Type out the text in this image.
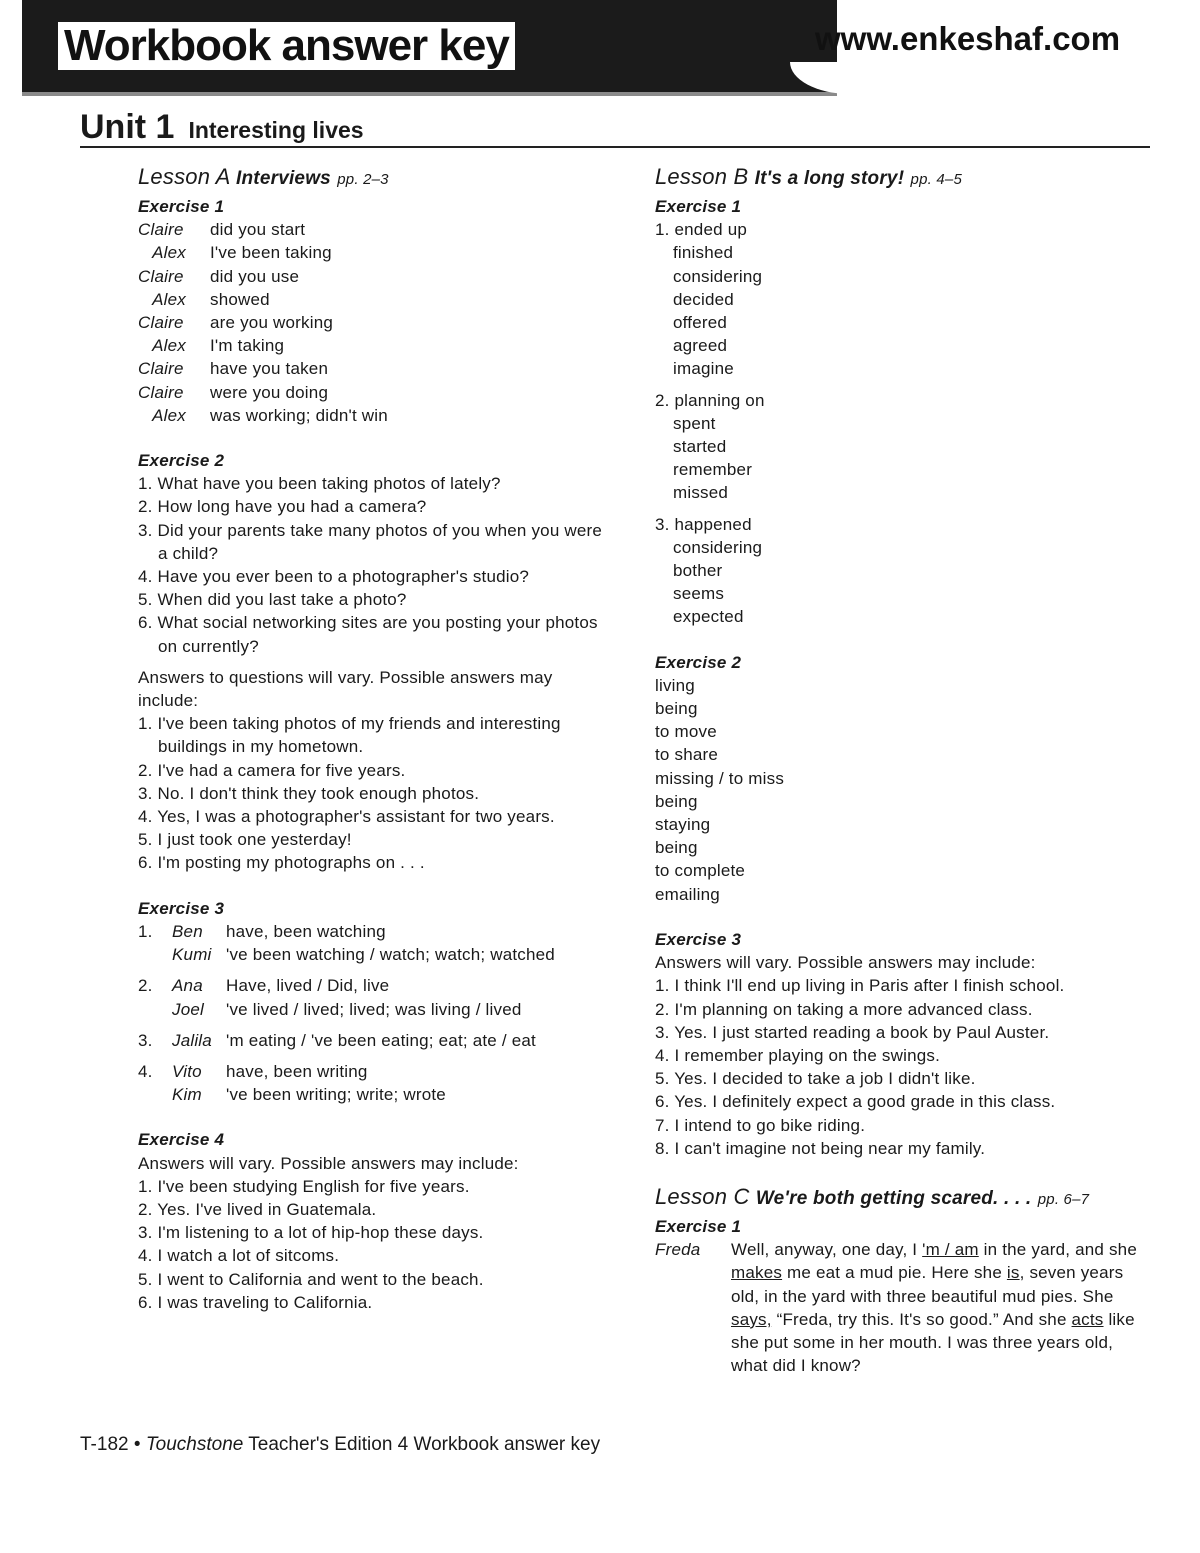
Workbook answer key	www.enkeshaf.com
Unit 1 Interesting lives
Lesson A Interviews pp. 2–3
Exercise 1
Claire	did you start
Alex I've been taking
Claire	did you use
Alex showed
Claire	are you working
Alex I'm taking
Claire	have you taken
Claire	were you doing
Alex was working; didn't win
Exercise 2
1. What have you been taking photos of lately?
2. How long have you had a camera?
3. Did your parents take many photos of you when you were a child?
4. Have you ever been to a photographer's studio?
5. When did you last take a photo?
6. What social networking sites are you posting your photos on currently?
Answers to questions will vary. Possible answers may include:
1. I've been taking photos of my friends and interesting buildings in my hometown.
2. I've had a camera for five years.
3. No. I don't think they took enough photos.
4. Yes, I was a photographer's assistant for two years.
5. I just took one yesterday!
6. I'm posting my photographs on . . .
Exercise 3
1.	Ben	have, been watching
Kumi 've been watching / watch; watch; watched
2.	Ana	Have, lived / Did, live
Joel	've lived / lived; lived; was living / lived
3.	Jalila 'm eating / 've been eating; eat; ate / eat
4.	Vito	have, been writing
Kim	've been writing; write; wrote
Exercise 4
Answers will vary. Possible answers may include:
1. I've been studying English for five years.
2. Yes. I've lived in Guatemala.
3. I'm listening to a lot of hip-hop these days.
4. I watch a lot of sitcoms.
5. I went to California and went to the beach.
6. I was traveling to California.
Lesson B It's a long story! pp. 4–5
Exercise 1
1. ended up
finished
considering
decided
offered
agreed
imagine
2. planning on
spent
started
remember
missed
3. happened
considering
bother
seems
expected
Exercise 2
living
being
to move
to share
missing / to miss
being
staying
being
to complete
emailing
Exercise 3
Answers will vary. Possible answers may include:
1. I think I'll end up living in Paris after I finish school.
2. I'm planning on taking a more advanced class.
3. Yes. I just started reading a book by Paul Auster.
4. I remember playing on the swings.
5. Yes. I decided to take a job I didn't like.
6. Yes. I definitely expect a good grade in this class.
7. I intend to go bike riding.
8. I can't imagine not being near my family.
Lesson C We're both getting scared. . . . pp. 6–7
Exercise 1
Freda	Well, anyway, one day, I 'm / am in the yard, and she makes me eat a mud pie. Here she is, seven years old, in the yard with three beautiful mud pies. She says, “Freda, try this. It's so good.” And she acts like she put some in her mouth. I was three years old, what did I know?
T-182 • Touchstone Teacher's Edition 4 Workbook answer key
